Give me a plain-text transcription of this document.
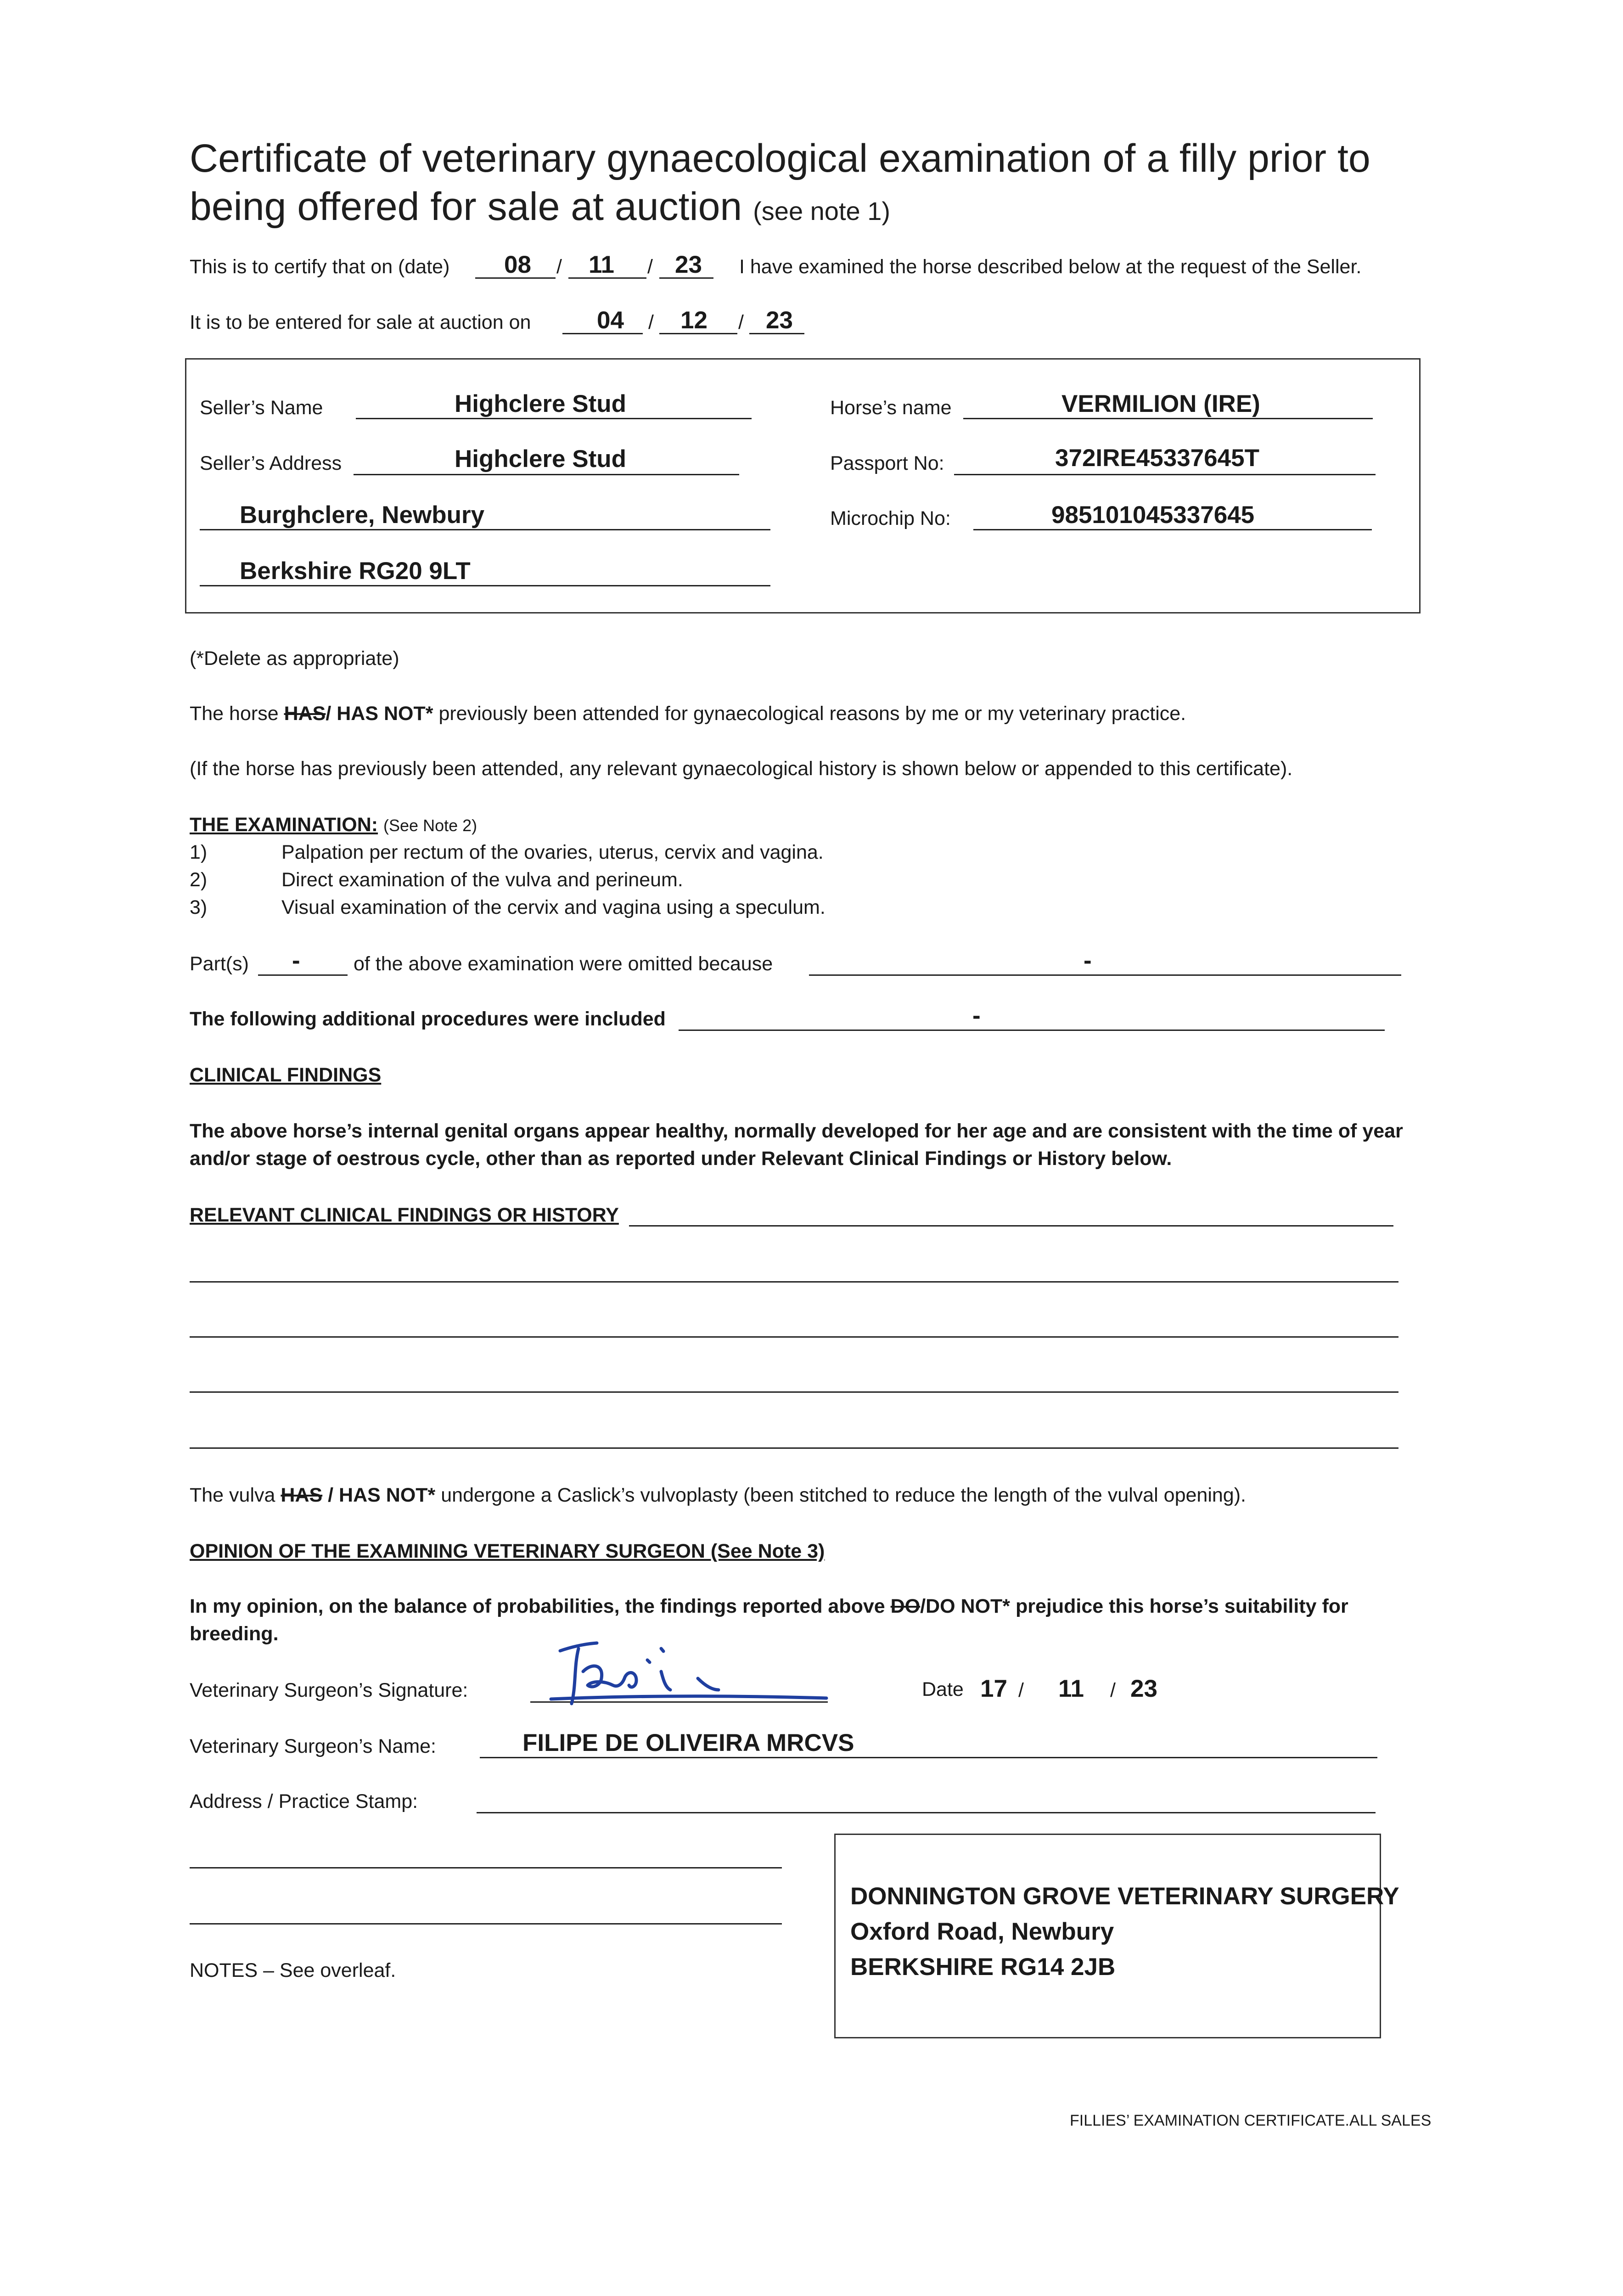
Certificate of veterinary gynaecological examination of a filly prior to
being offered for sale at auction (see note 1)
This is to certify that on (date) 08 / 11 / 23 I have examined the horse described below at the request of the Seller.
It is to be entered for sale at auction on	04 / 12 / 23
Seller’s Name	Highclere Stud
Seller’s Address	Highclere Stud
Burghclere, Newbury
Berkshire RG20 9LT
Horse’s name	VERMILION (IRE)
Passport No:	372IRE45337645T
Microchip No:	985101045337645
(*Delete as appropriate)
The horse HAS/ HAS NOT* previously been attended for gynaecological reasons by me or my veterinary practice.
(If the horse has previously been attended, any relevant gynaecological history is shown below or appended to this certificate).
THE EXAMINATION: (See Note 2)
1)	Palpation per rectum of the ovaries, uterus, cervix and vagina.
2)	Direct examination of the vulva and perineum.
3)	Visual examination of the cervix and vagina using a speculum.
Part(s) -	of the above examination were omitted because	-
The following additional procedures were included	-
CLINICAL FINDINGS
The above horse’s internal genital organs appear healthy, normally developed for her age and are consistent with the time of year
and/or stage of oestrous cycle, other than as reported under Relevant Clinical Findings or History below.
RELEVANT CLINICAL FINDINGS OR HISTORY
The vulva HAS / HAS NOT* undergone a Caslick’s vulvoplasty (been stitched to reduce the length of the vulval opening).
OPINION OF THE EXAMINING VETERINARY SURGEON (See Note 3)
In my opinion, on the balance of probabilities, the findings reported above DO/DO NOT* prejudice this horse’s suitability for
breeding.
Veterinary Surgeon’s Signature:	Date 17 / 11 / 23
Veterinary Surgeon’s Name:	FILIPE DE OLIVEIRA MRCVS
Address / Practice Stamp:
DONNINGTON GROVE VETERINARY SURGERY
Oxford Road, Newbury
BERKSHIRE RG14 2JB
NOTES – See overleaf.
FILLIES’ EXAMINATION CERTIFICATE.ALL SALES
